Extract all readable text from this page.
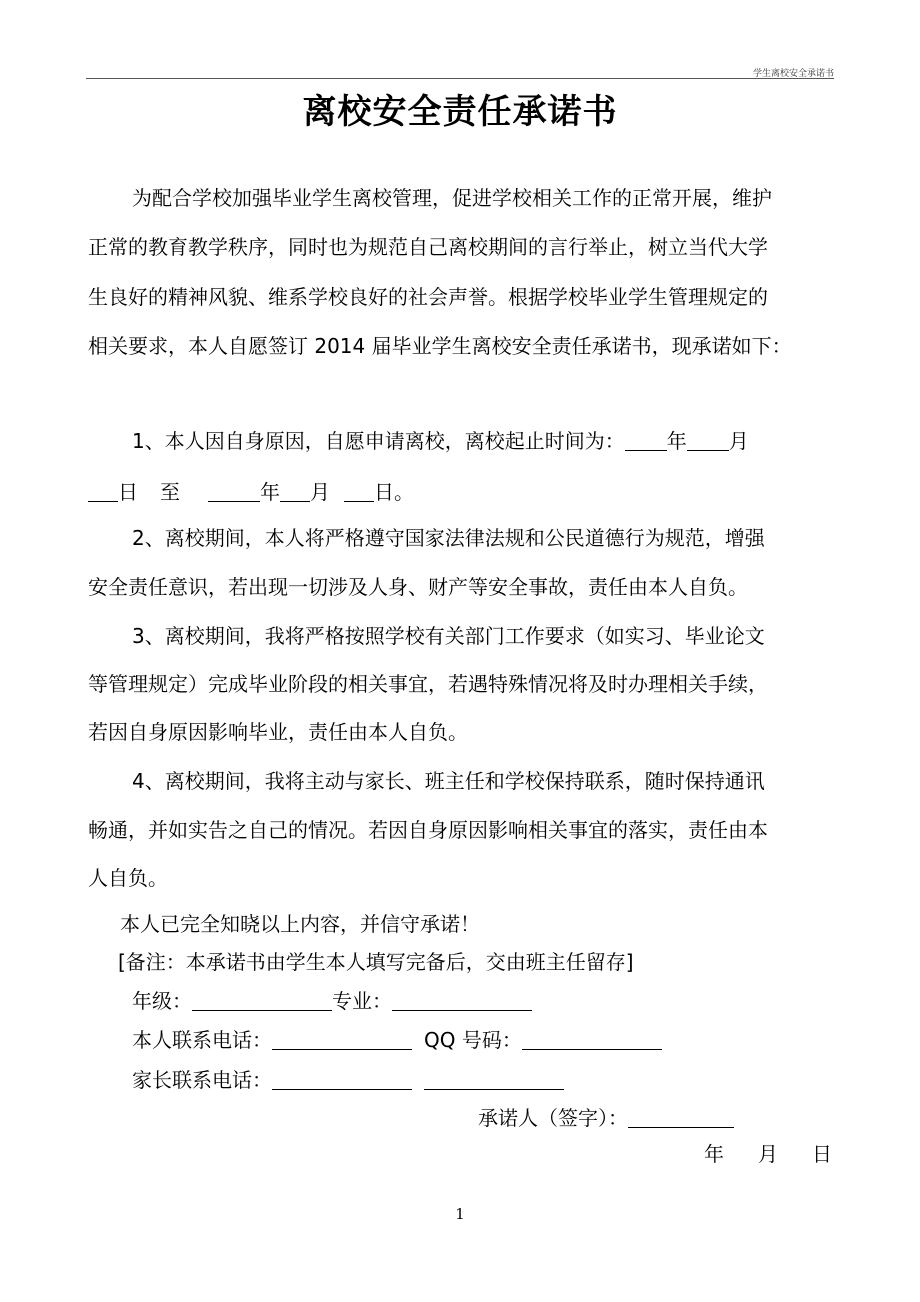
学生离校安全承诺书
离校安全责任承诺书
为配合学校加强毕业学生离校管理，促进学校相关工作的正常开展，维护
正常的教育教学秩序，同时也为规范自己离校期间的言行举止，树立当代大学
生良好的精神风貌、维系学校良好的社会声誉。根据学校毕业学生管理规定的
相关要求，本人自愿签订 2014 届毕业学生离校安全责任承诺书，现承诺如下：
1、本人因自身原因，自愿申请离校，离校起止时间为： 年 月
日 至	年 月 日。
2、离校期间，本人将严格遵守国家法律法规和公民道德行为规范，增强
安全责任意识，若出现一切涉及人身、财产等安全事故，责任由本人自负。
3、离校期间，我将严格按照学校有关部门工作要求（如实习、毕业论文
等管理规定）完成毕业阶段的相关事宜，若遇特殊情况将及时办理相关手续，
若因自身原因影响毕业，责任由本人自负。
4、离校期间，我将主动与家长、班主任和学校保持联系，随时保持通讯
畅通，并如实告之自己的情况。若因自身原因影响相关事宜的落实，责任由本
人自负。
本人已完全知晓以上内容，并信守承诺！
[备注：本承诺书由学生本人填写完备后，交由班主任留存]
年级：	专业：
本人联系电话：	QQ 号码：
家长联系电话：
承诺人（签字）：
年 月 日
1
